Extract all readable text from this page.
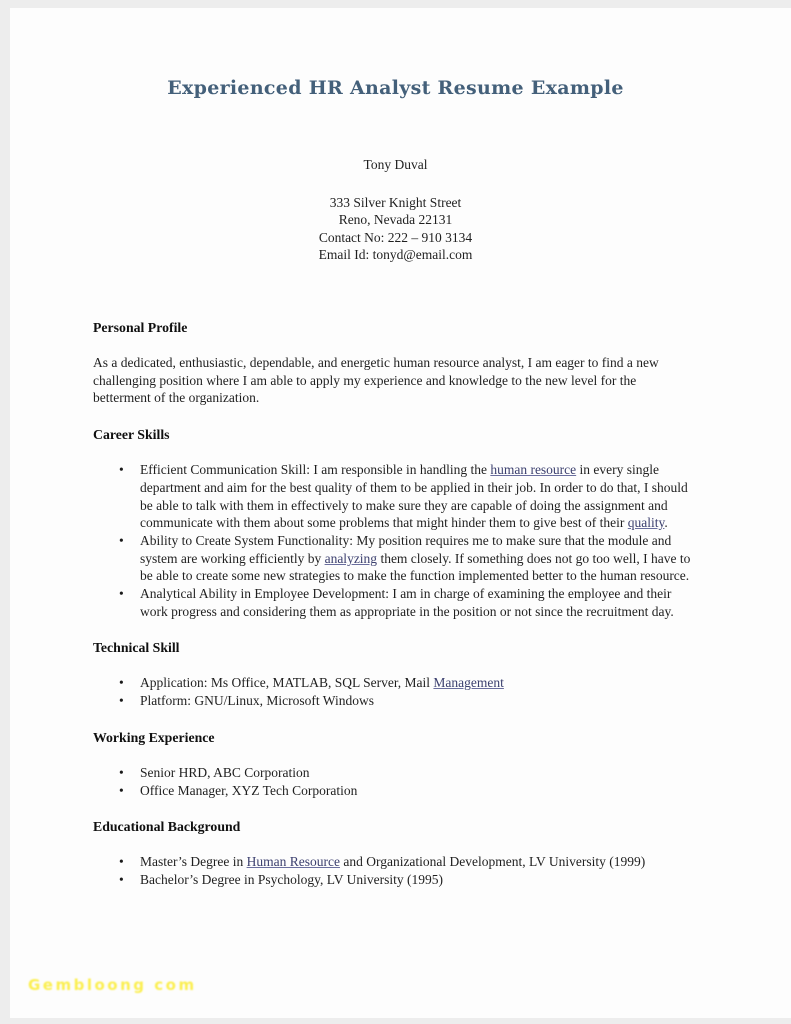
Experienced HR Analyst Resume Example
Tony Duval
333 Silver Knight Street
Reno, Nevada 22131
Contact No: 222 – 910 3134
Email Id: tonyd@email.com
Personal Profile

As a dedicated, enthusiastic, dependable, and energetic human resource analyst, I am eager to find a new challenging position where I am able to apply my experience and knowledge to the new level for the betterment of the organization.

Career Skills
• Efficient Communication Skill: I am responsible in handling the human resource in every single department and aim for the best quality of them to be applied in their job. In order to do that, I should be able to talk with them in effectively to make sure they are capable of doing the assignment and communicate with them about some problems that might hinder them to give best of their quality.
• Ability to Create System Functionality: My position requires me to make sure that the module and system are working efficiently by analyzing them closely. If something does not go too well, I have to be able to create some new strategies to make the function implemented better to the human resource.
• Analytical Ability in Employee Development: I am in charge of examining the employee and their work progress and considering them as appropriate in the position or not since the recruitment day.
Technical Skill
• Application: Ms Office, MATLAB, SQL Server, Mail Management
• Platform: GNU/Linux, Microsoft Windows
Working Experience
• Senior HRD, ABC Corporation
• Office Manager, XYZ Tech Corporation
Educational Background
• Master’s Degree in Human Resource and Organizational Development, LV University (1999)
• Bachelor’s Degree in Psychology, LV University (1995)
Gembloong com
